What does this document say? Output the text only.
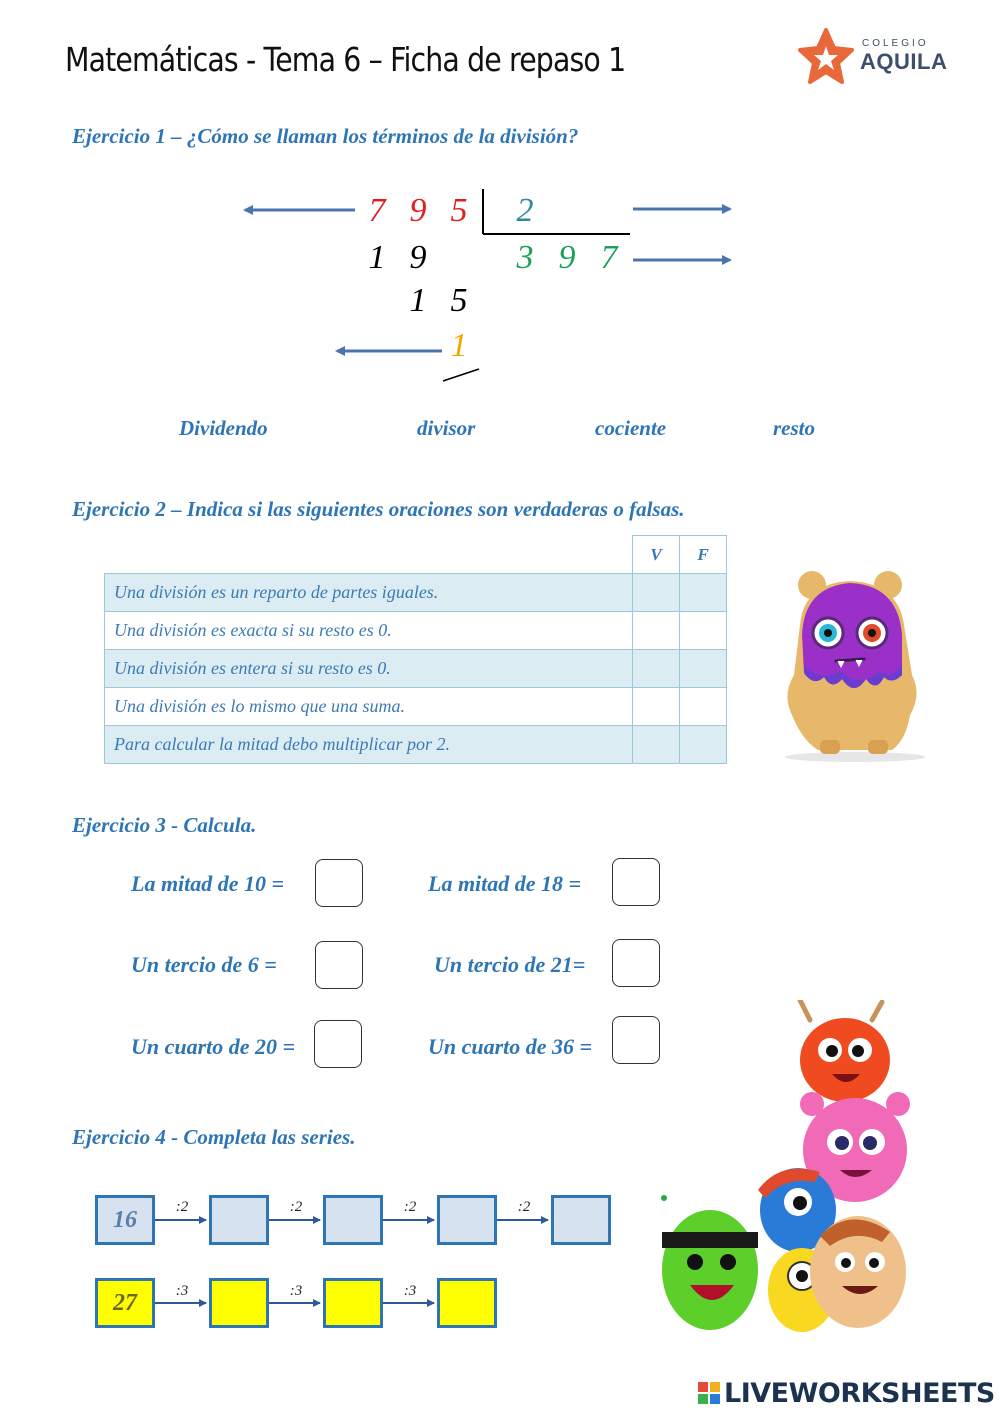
Matemáticas - Tema 6 – Ficha de repaso 1	COLEGIO
AQUILA
Ejercicio 1 – ¿Cómo se llaman los términos de la división?
7 9 5 2
3 9 7
1 9
1 5
1
Dividendo	divisor	cociente	resto
Ejercicio 2 – Indica si las siguientes oraciones son verdaderas o falsas.
	V	F
Una división es un reparto de partes iguales.		
Una división es exacta si su resto es 0.		
Una división es entera si su resto es 0.		
Una división es lo mismo que una suma.		
Para calcular la mitad debo multiplicar por 2.		
Ejercicio 3 - Calcula.
La mitad de 10 =	La mitad de 18 =
Un tercio de 6 =	Un tercio de 21=
Un cuarto de 20 =	Un cuarto de 36 =
Ejercicio 4 - Completa las series.
16	:2	:2	:2	:2
27	:3	:3	:3
LIVEWORKSHEETS
